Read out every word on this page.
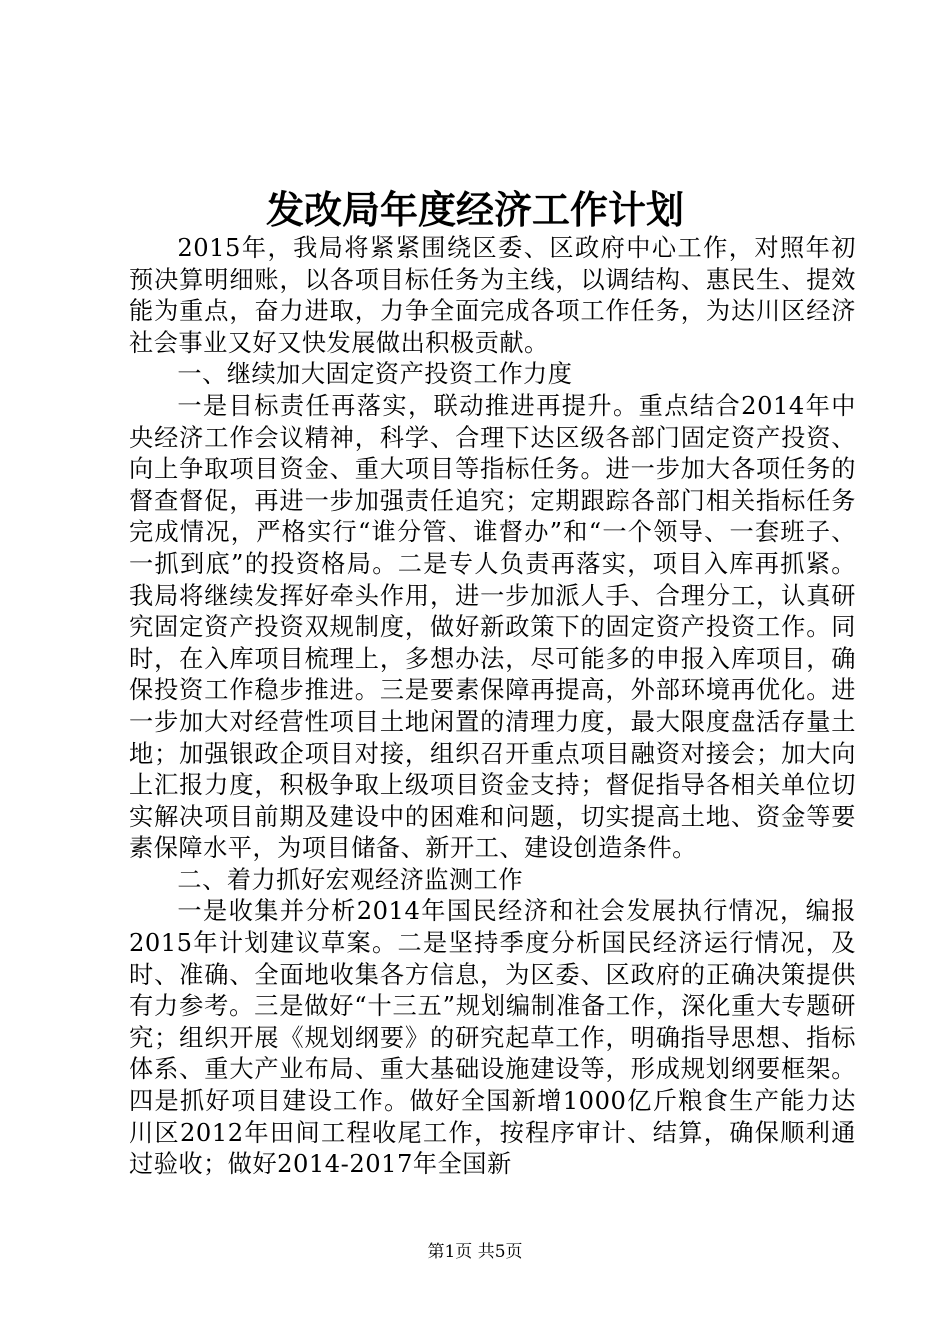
发改局年度经济工作计划

2015年，我局将紧紧围绕区委、区政府中心工作，对照年初预决算明细账，以各项目标任务为主线，以调结构、惠民生、提效能为重点，奋力进取，力争全面完成各项工作任务，为达川区经济社会事业又好又快发展做出积极贡献。

一、继续加大固定资产投资工作力度

一是目标责任再落实，联动推进再提升。重点结合2014年中央经济工作会议精神，科学、合理下达区级各部门固定资产投资、向上争取项目资金、重大项目等指标任务。进一步加大各项任务的督查督促，再进一步加强责任追究；定期跟踪各部门相关指标任务完成情况，严格实行“谁分管、谁督办”和“一个领导、一套班子、一抓到底”的投资格局。二是专人负责再落实，项目入库再抓紧。我局将继续发挥好牵头作用，进一步加派人手、合理分工，认真研究固定资产投资双规制度，做好新政策下的固定资产投资工作。同时，在入库项目梳理上，多想办法，尽可能多的申报入库项目，确保投资工作稳步推进。三是要素保障再提高，外部环境再优化。进一步加大对经营性项目土地闲置的清理力度，最大限度盘活存量土地；加强银政企项目对接，组织召开重点项目融资对接会；加大向上汇报力度，积极争取上级项目资金支持；督促指导各相关单位切实解决项目前期及建设中的困难和问题，切实提高土地、资金等要素保障水平，为项目储备、新开工、建设创造条件。

二、着力抓好宏观经济监测工作

一是收集并分析2014年国民经济和社会发展执行情况，编报2015年计划建议草案。二是坚持季度分析国民经济运行情况，及时、准确、全面地收集各方信息，为区委、区政府的正确决策提供有力参考。三是做好“十三五”规划编制准备工作，深化重大专题研究；组织开展《规划纲要》的研究起草工作，明确指导思想、指标体系、重大产业布局、重大基础设施建设等，形成规划纲要框架。四是抓好项目建设工作。做好全国新增1000亿斤粮食生产能力达川区2012年田间工程收尾工作，按程序审计、结算，确保顺利通过验收；做好2014-2017年全国新

第1页 共5页
